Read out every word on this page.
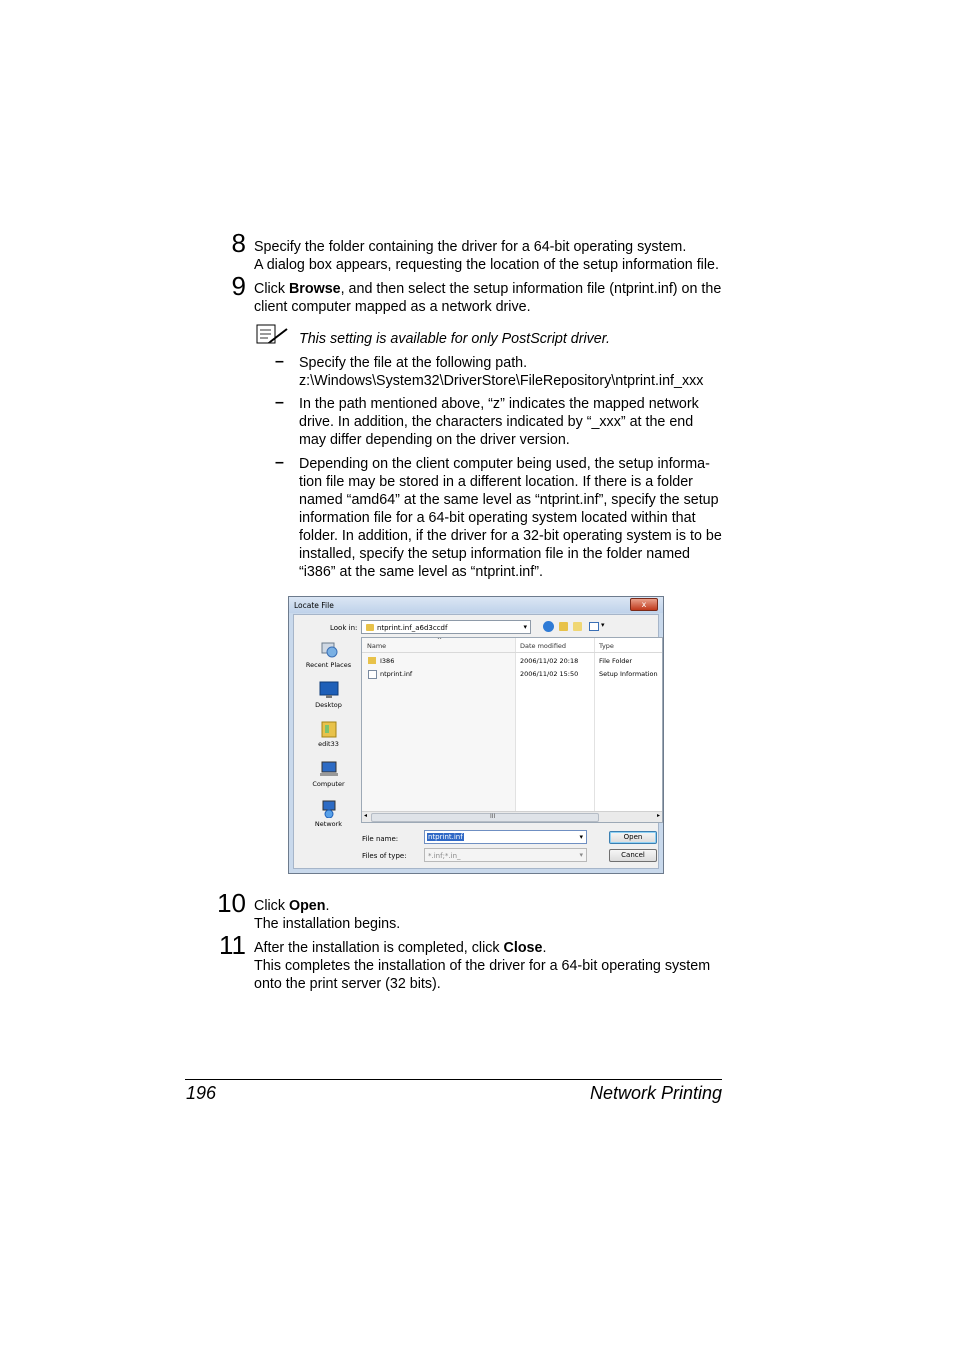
8 Specify the folder containing the driver for a 64-bit operating system.
A dialog box appears, requesting the location of the setup information file.
9 Click Browse, and then select the setup information file (ntprint.inf) on the
client computer mapped as a network drive.
This setting is available for only PostScript driver.
– Specify the file at the following path.
z:\Windows\System32\DriverStore\FileRepository\ntprint.inf_xxx
– In the path mentioned above, “z” indicates the mapped network
drive. In addition, the characters indicated by “_xxx” at the end
may differ depending on the driver version.
– Depending on the client computer being used, the setup informa-
tion file may be stored in a different location. If there is a folder
named “amd64” at the same level as “ntprint.inf”, specify the setup
information file for a 64-bit operating system located within that
folder. In addition, if the driver for a 32-bit operating system is to be
installed, specify the setup information file in the folder named
“i386” at the same level as “ntprint.inf”.
Locate File	x
Look in:	ntprint.inf_a6d3ccdf	▾	▾
Recent Places
Desktop
edit33
Computer
Network
Name
^
Date modified	Type
I386	2006/11/02 20:18	File Folder
ntprint.inf	2006/11/02 15:50	Setup Information
◂	III	▸
File name:	ntprint.inf	▾
Files of type:	*.inf;*.in_	▾
Open
Cancel
10 Click Open.
The installation begins.
11 After the installation is completed, click Close.
This completes the installation of the driver for a 64-bit operating system
onto the print server (32 bits).
196	Network Printing
